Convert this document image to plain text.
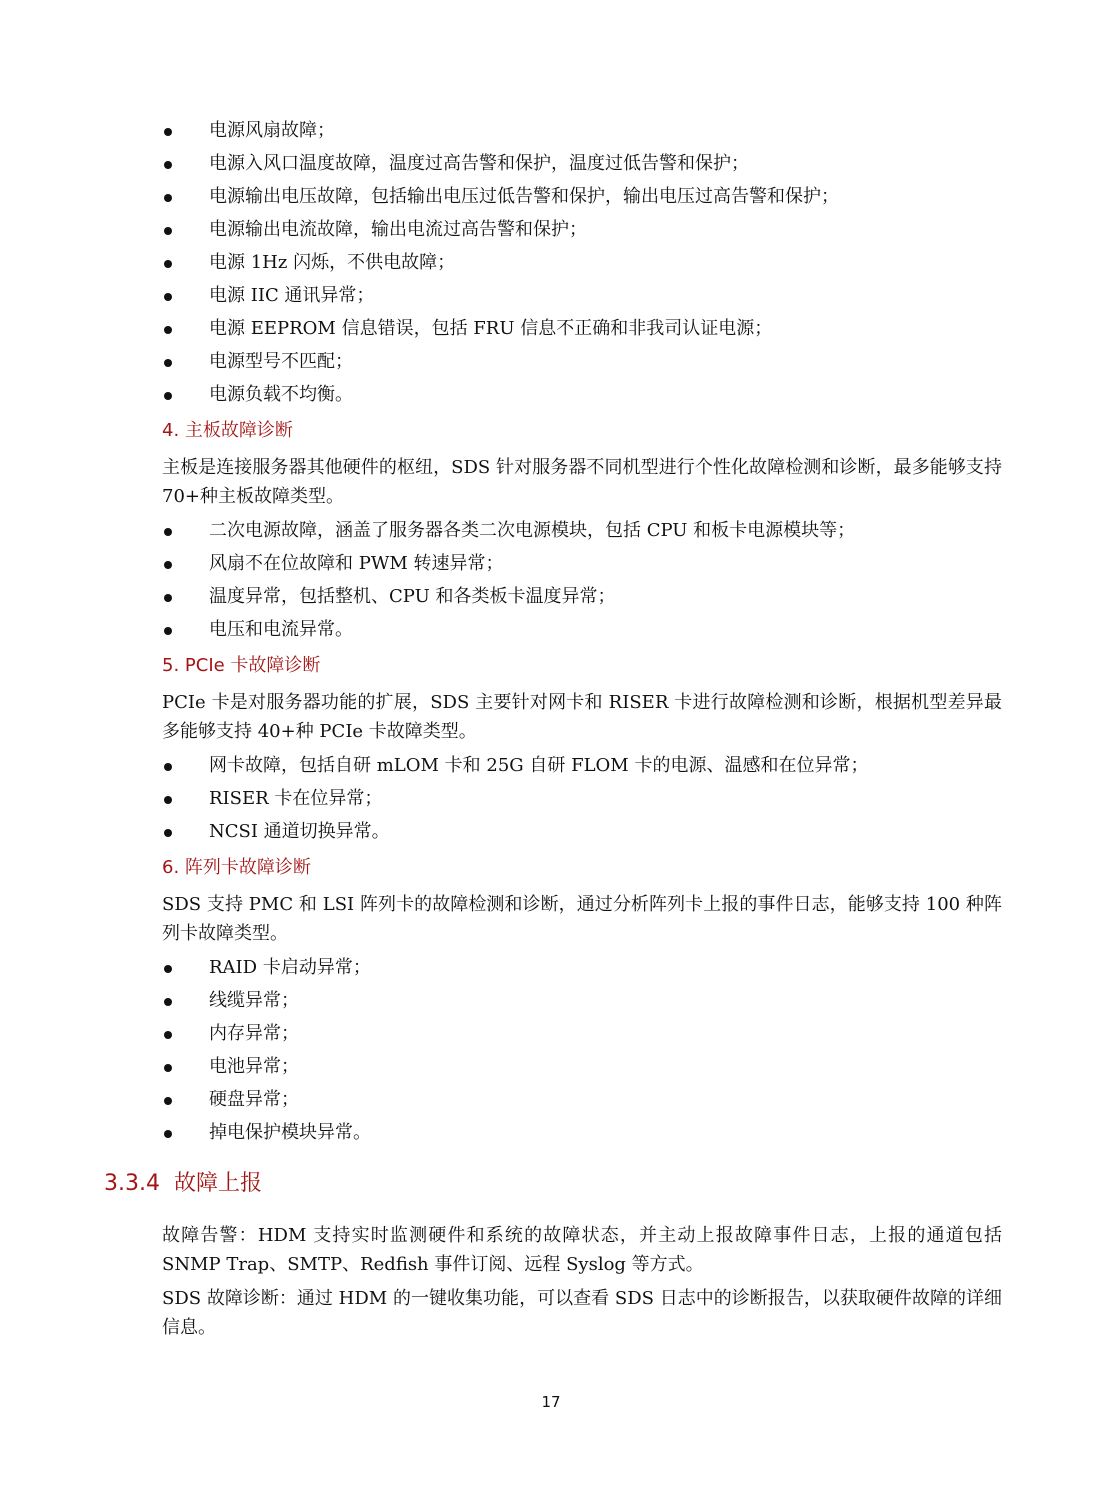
电源风扇故障；
电源入风口温度故障，温度过高告警和保护，温度过低告警和保护；
电源输出电压故障，包括输出电压过低告警和保护，输出电压过高告警和保护；
电源输出电流故障，输出电流过高告警和保护；
电源 1Hz 闪烁，不供电故障；
电源 IIC 通讯异常；
电源 EEPROM 信息错误，包括 FRU 信息不正确和非我司认证电源；
电源型号不匹配；
电源负载不均衡。
4. 主板故障诊断

主板是连接服务器其他硬件的枢纽，SDS 针对服务器不同机型进行个性化故障检测和诊断，最多能够支持 70+种主板故障类型。

二次电源故障，涵盖了服务器各类二次电源模块，包括 CPU 和板卡电源模块等；
风扇不在位故障和 PWM 转速异常；
温度异常，包括整机、CPU 和各类板卡温度异常；
电压和电流异常。
5. PCIe 卡故障诊断

PCIe 卡是对服务器功能的扩展，SDS 主要针对网卡和 RISER 卡进行故障检测和诊断，根据机型差异最多能够支持 40+种 PCIe 卡故障类型。

网卡故障，包括自研 mLOM 卡和 25G 自研 FLOM 卡的电源、温感和在位异常；
RISER 卡在位异常；
NCSI 通道切换异常。
6. 阵列卡故障诊断

SDS 支持 PMC 和 LSI 阵列卡的故障检测和诊断，通过分析阵列卡上报的事件日志，能够支持 100 种阵列卡故障类型。

RAID 卡启动异常；
线缆异常；
内存异常；
电池异常；
硬盘异常；
掉电保护模块异常。
3.3.4 故障上报

故障告警：HDM 支持实时监测硬件和系统的故障状态，并主动上报故障事件日志，上报的通道包括 SNMP Trap、SMTP、Redfish 事件订阅、远程 Syslog 等方式。

SDS 故障诊断：通过 HDM 的一键收集功能，可以查看 SDS 日志中的诊断报告，以获取硬件故障的详细信息。

17
